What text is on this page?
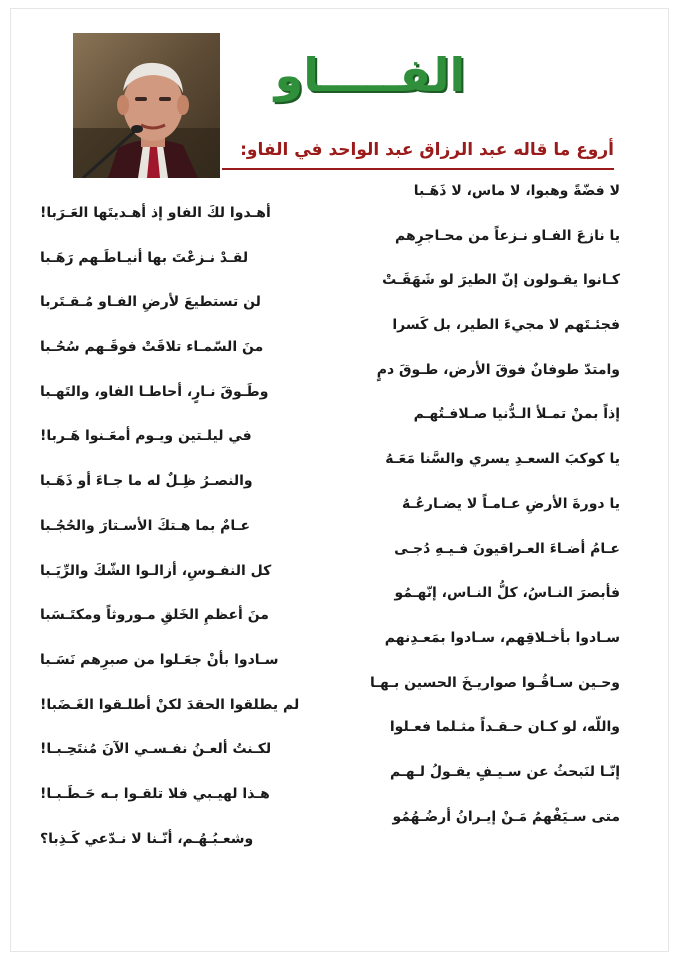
الفـــــاو
أروع ما قاله عبد الرزاق عبد الواحد في الفاو:
لا فضّةً وهبوا، لا ماس، لا ذَهَـبا
أهـدوا لكَ الفاو إذ أهـديتَها العَـرَبا!
يا نازعَ الفـاو نـزعاً من محـاجرِهم
لقـدْ نـزعْتَ بها أنيـاطَـهم رَهَـبا
كـانوا يقـولون إنّ الطيرَ لو شَهَقَـتْ
لن تستطيعَ لأرضِ الفـاو مُـقـتَربا
فجئـتَهم لا مجيءَ الطير، بل كَسرا
منَ السّمـاء تلاقَتْ فوقَـهم سُحُـبا
وامتدّ طوفانٌ فوقَ الأرض، طـوقَ دمٍ
وطَـوقَ نـارٍ، أحاطـا الفاو، والتَهـبا
إذاً بمنْ تمـلأ الـدُّنيا صـلافـتُهـم
في ليلـتين ويـوم أمعَـنوا هَـربا!
يا كوكبَ السعـدِ يسري والسَّنا مَعَـهُ
والنصـرُ ظِـلٌ له ما جـاءَ أو ذَهَـبا
يا دورةَ الأرضِ عـامـاً لا يضـارعُـهُ
عـامٌ بما هـتكَ الأسـتارَ والحُجُـبا
عـامُ أضـاءَ العـراقيونَ فـيـهِ دُجـى
كل النفـوسِ، أزالـوا الشّكَ والرِّيَـبا
فأبصرَ النـاسُ، كلُّ النـاس، إنّهـمُو
منَ أعظمِ الخَلقِ مـوروثاً ومكتَـسَبا
سـادوا بأخـلاقِهم، سـادوا بمَعـدِنهم
سـادوا بأنْ جعَـلوا من صبرِهم نَسَـبا
وحـين سـاقُـوا صواريـخَ الحسين بـهـا
لم يطلقوا الحقدَ لكنْ أطلـقوا الغَـضَبا!
واللّه، لو كـان حـقـداً مثـلما فعـلوا
لكـنتُ ألعـنُ نفـسـي الآنَ مُنتَحِـبـا!
إنّـا لنَبحثُ عن سـيـفٍ يقـولُ لـهـم
هـذا لهيـبي فلا تلقـوا بـه حَـطَـبـا!
متى سـيَفْهمُ مَـنْ إيـرانُ أرضُـهُمُو
وشعـبُـهُـم، أنّـنا لا نـدّعي كَـذِبا؟
